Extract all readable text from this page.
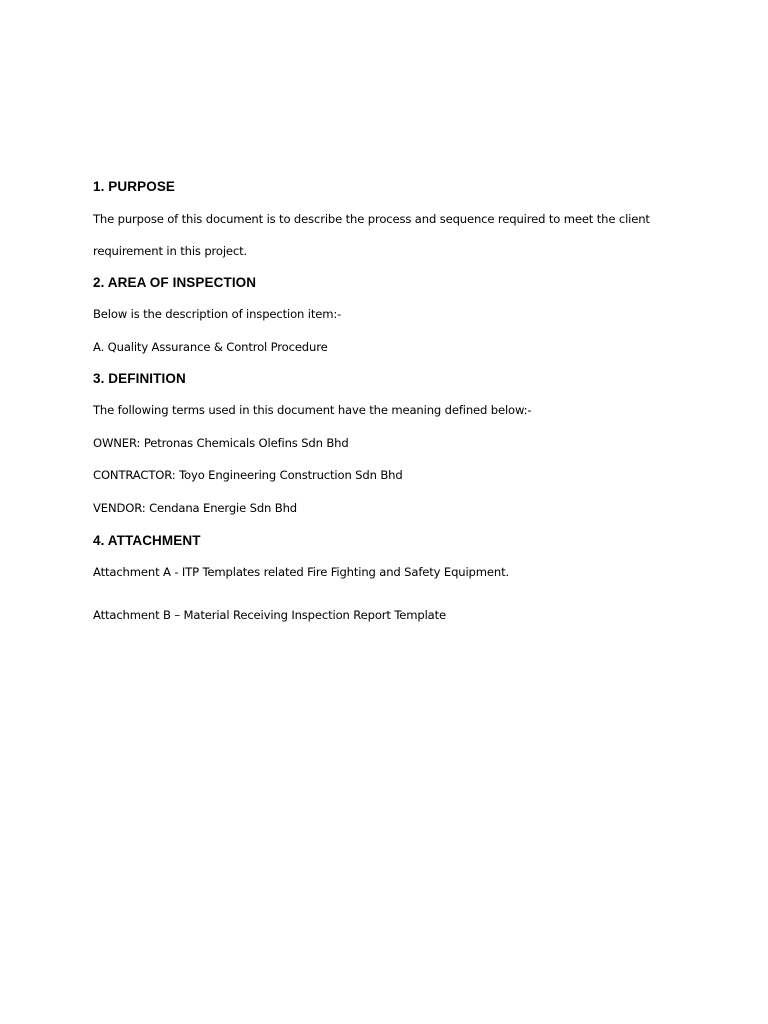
1. PURPOSE
The purpose of this document is to describe the process and sequence required to meet the client
requirement in this project.
2. AREA OF INSPECTION
Below is the description of inspection item:-
A. Quality Assurance & Control Procedure
3. DEFINITION
The following terms used in this document have the meaning defined below:-
OWNER: Petronas Chemicals Olefins Sdn Bhd
CONTRACTOR: Toyo Engineering Construction Sdn Bhd
VENDOR: Cendana Energie Sdn Bhd
4. ATTACHMENT
Attachment A - ITP Templates related Fire Fighting and Safety Equipment.
Attachment B – Material Receiving Inspection Report Template
